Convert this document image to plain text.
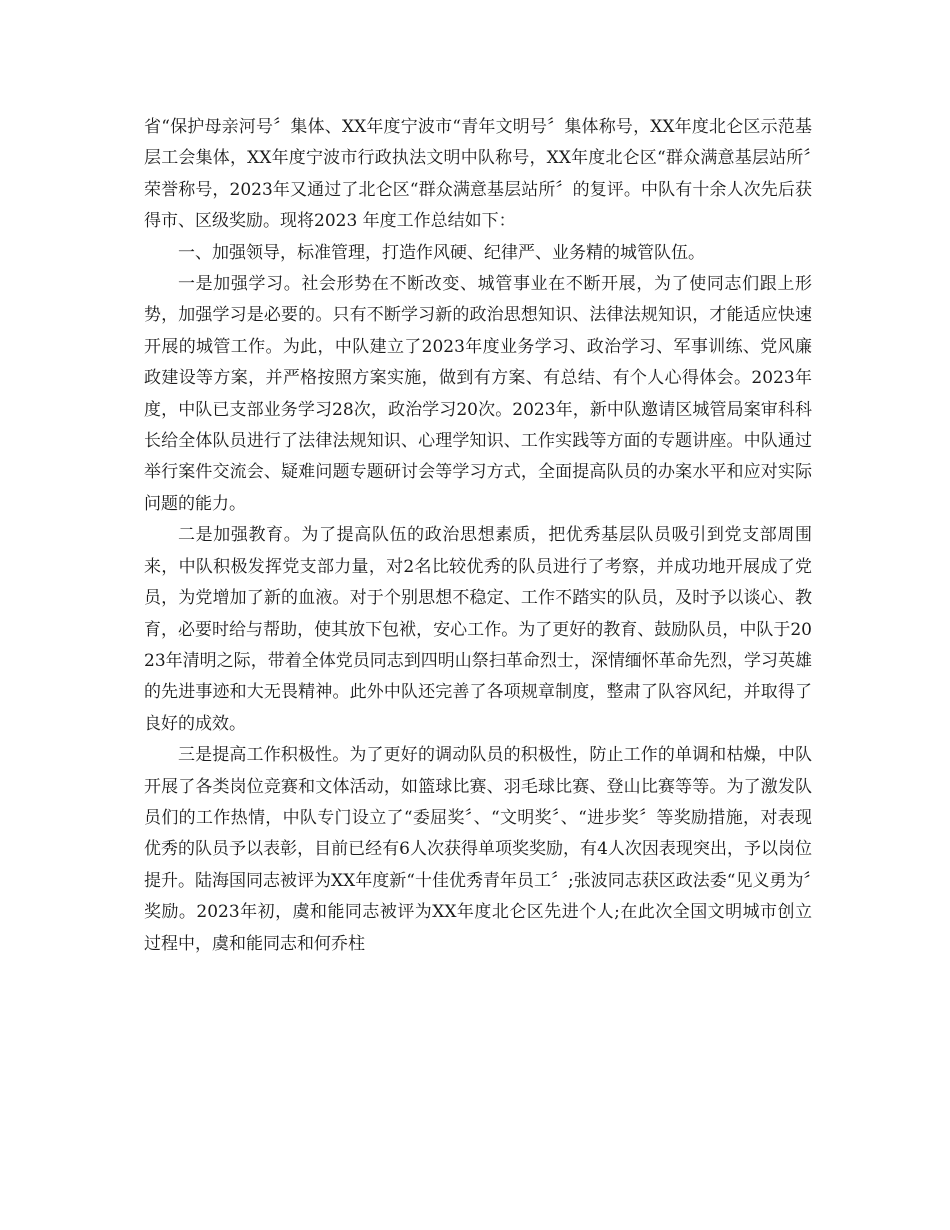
省“保护母亲河号〞集体、XX年度宁波市“青年文明号〞集体称号，XX年度北仑区示范基层工会集体，XX年度宁波市行政执法文明中队称号，XX年度北仑区“群众满意基层站所〞荣誉称号，2023年又通过了北仑区“群众满意基层站所〞的复评。中队有十余人次先后获得市、区级奖励。现将2023 年度工作总结如下：

一、加强领导，标准管理，打造作风硬、纪律严、业务精的城管队伍。

一是加强学习。社会形势在不断改变、城管事业在不断开展，为了使同志们跟上形势，加强学习是必要的。只有不断学习新的政治思想知识、法律法规知识，才能适应快速开展的城管工作。为此，中队建立了2023年度业务学习、政治学习、军事训练、党风廉政建设等方案，并严格按照方案实施，做到有方案、有总结、有个人心得体会。2023年度，中队已支部业务学习28次，政治学习20次。2023年，新中队邀请区城管局案审科科长给全体队员进行了法律法规知识、心理学知识、工作实践等方面的专题讲座。中队通过举行案件交流会、疑难问题专题研讨会等学习方式，全面提高队员的办案水平和应对实际问题的能力。

二是加强教育。为了提高队伍的政治思想素质，把优秀基层队员吸引到党支部周围来，中队积极发挥党支部力量，对2名比较优秀的队员进行了考察，并成功地开展成了党员，为党增加了新的血液。对于个别思想不稳定、工作不踏实的队员，及时予以谈心、教育，必要时给与帮助，使其放下包袱，安心工作。为了更好的教育、鼓励队员，中队于2023年清明之际，带着全体党员同志到四明山祭扫革命烈士，深情缅怀革命先烈，学习英雄的先进事迹和大无畏精神。此外中队还完善了各项规章制度，整肃了队容风纪，并取得了良好的成效。

三是提高工作积极性。为了更好的调动队员的积极性，防止工作的单调和枯燥，中队开展了各类岗位竞赛和文体活动，如篮球比赛、羽毛球比赛、登山比赛等等。为了激发队员们的工作热情，中队专门设立了“委屈奖〞、“文明奖〞、“进步奖〞等奖励措施，对表现优秀的队员予以表彰，目前已经有6人次获得单项奖奖励，有4人次因表现突出，予以岗位提升。陆海国同志被评为XX年度新“十佳优秀青年员工〞;张波同志获区政法委“见义勇为〞奖励。2023年初，虞和能同志被评为XX年度北仑区先进个人;在此次全国文明城市创立过程中，虞和能同志和何乔柱
